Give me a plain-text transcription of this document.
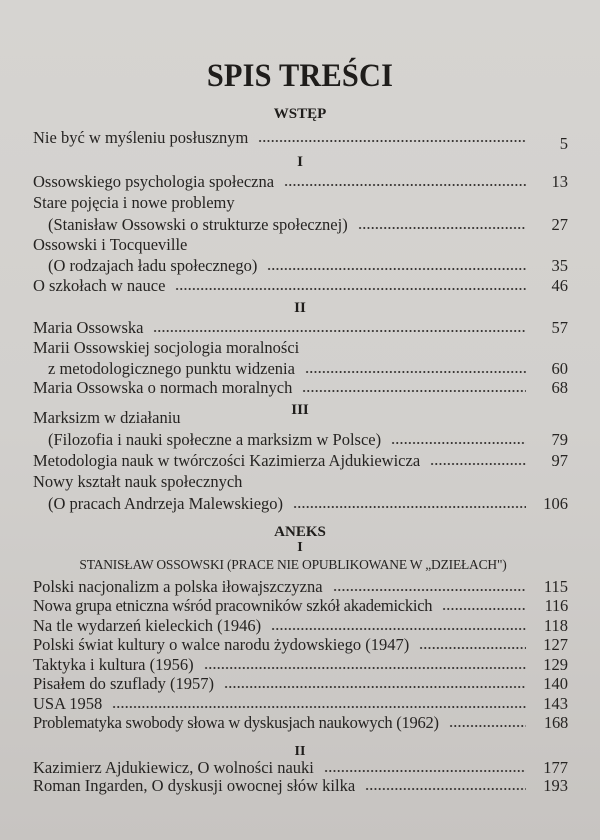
SPIS TREŚCI
WSTĘP
Nie być w myśleniu posłusznym	5
I
Ossowskiego psychologia społeczna	13
Stare pojęcia i nowe problemy
(Stanisław Ossowski o strukturze społecznej)	27
Ossowski i Tocqueville
(O rodzajach ładu społecznego)	35
O szkołach w nauce	46
II
Maria Ossowska	57
Marii Ossowskiej socjologia moralności
z metodologicznego punktu widzenia	60
Maria Ossowska o normach moralnych	68
III
Marksizm w działaniu
(Filozofia i nauki społeczne a marksizm w Polsce)	79
Metodologia nauk w twórczości Kazimierza Ajdukiewicza	97
Nowy kształt nauk społecznych
(O pracach Andrzeja Malewskiego)	106
ANEKS
I
STANISŁAW OSSOWSKI (PRACE NIE OPUBLIKOWANE W „DZIEŁACH")
Polski nacjonalizm a polska iłowajszczyzna	115
Nowa grupa etniczna wśród pracowników szkół akademickich	116
Na tle wydarzeń kieleckich (1946)	118
Polski świat kultury o walce narodu żydowskiego (1947)	127
Taktyka i kultura (1956)	129
Pisałem do szuflady (1957)	140
USA 1958	143
Problematyka swobody słowa w dyskusjach naukowych (1962)	168
II
Kazimierz Ajdukiewicz, O wolności nauki	177
Roman Ingarden, O dyskusji owocnej słów kilka	193
